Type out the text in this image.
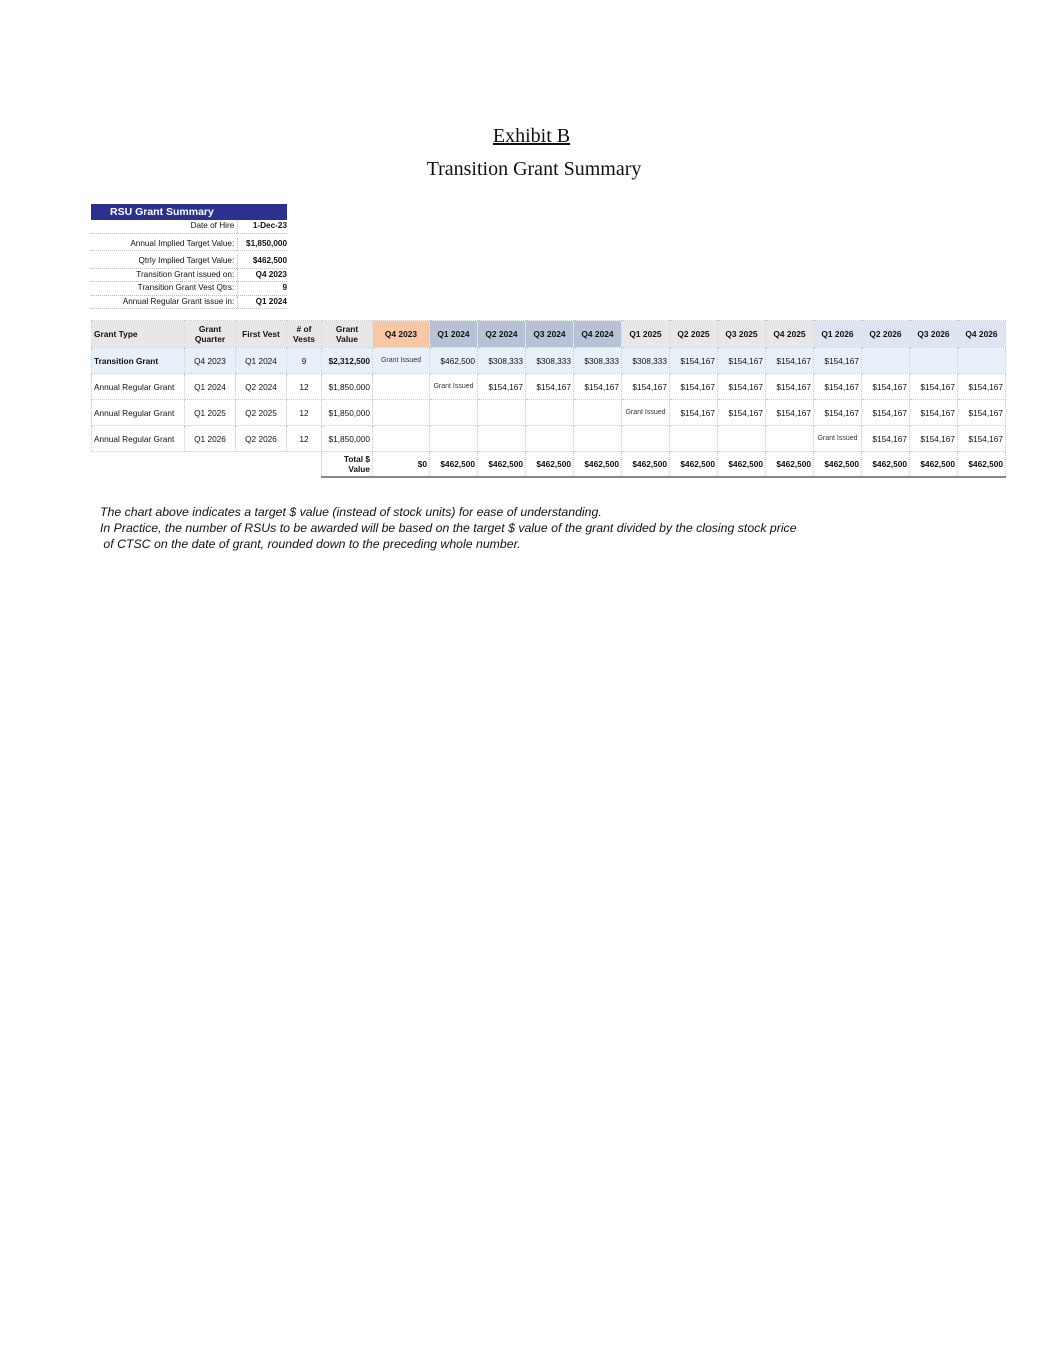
Exhibit B
Transition Grant Summary
RSU Grant Summary
Date of Hire	1-Dec-23
Annual Implied Target Value:	$1,850,000
Qtrly Implied Target Value:	$462,500
Transition Grant issued on:	Q4 2023
Transition Grant Vest Qtrs:	9
Annual Regular Grant issue in:	Q1 2024
Grant Type	Grant Quarter	First Vest	# of Vests	Grant Value	Q4 2023	Q1 2024	Q2 2024	Q3 2024	Q4 2024	Q1 2025	Q2 2025	Q3 2025	Q4 2025	Q1 2026	Q2 2026	Q3 2026	Q4 2026
Transition Grant	Q4 2023	Q1 2024	9	$2,312,500	Grant Issued	$462,500	$308,333	$308,333	$308,333	$308,333	$154,167	$154,167	$154,167	$154,167			
Annual Regular Grant	Q1 2024	Q2 2024	12	$1,850,000		Grant Issued	$154,167	$154,167	$154,167	$154,167	$154,167	$154,167	$154,167	$154,167	$154,167	$154,167	$154,167
Annual Regular Grant	Q1 2025	Q2 2025	12	$1,850,000						Grant Issued	$154,167	$154,167	$154,167	$154,167	$154,167	$154,167	$154,167
Annual Regular Grant	Q1 2026	Q2 2026	12	$1,850,000										Grant Issued	$154,167	$154,167	$154,167
				Total $ Value	$0	$462,500	$462,500	$462,500	$462,500	$462,500	$462,500	$462,500	$462,500	$462,500	$462,500	$462,500	$462,500
The chart above indicates a target $ value (instead of stock units) for ease of understanding.
In Practice, the number of RSUs to be awarded will be based on the target $ value of the grant divided by the closing stock price
of CTSC on the date of grant, rounded down to the preceding whole number.
